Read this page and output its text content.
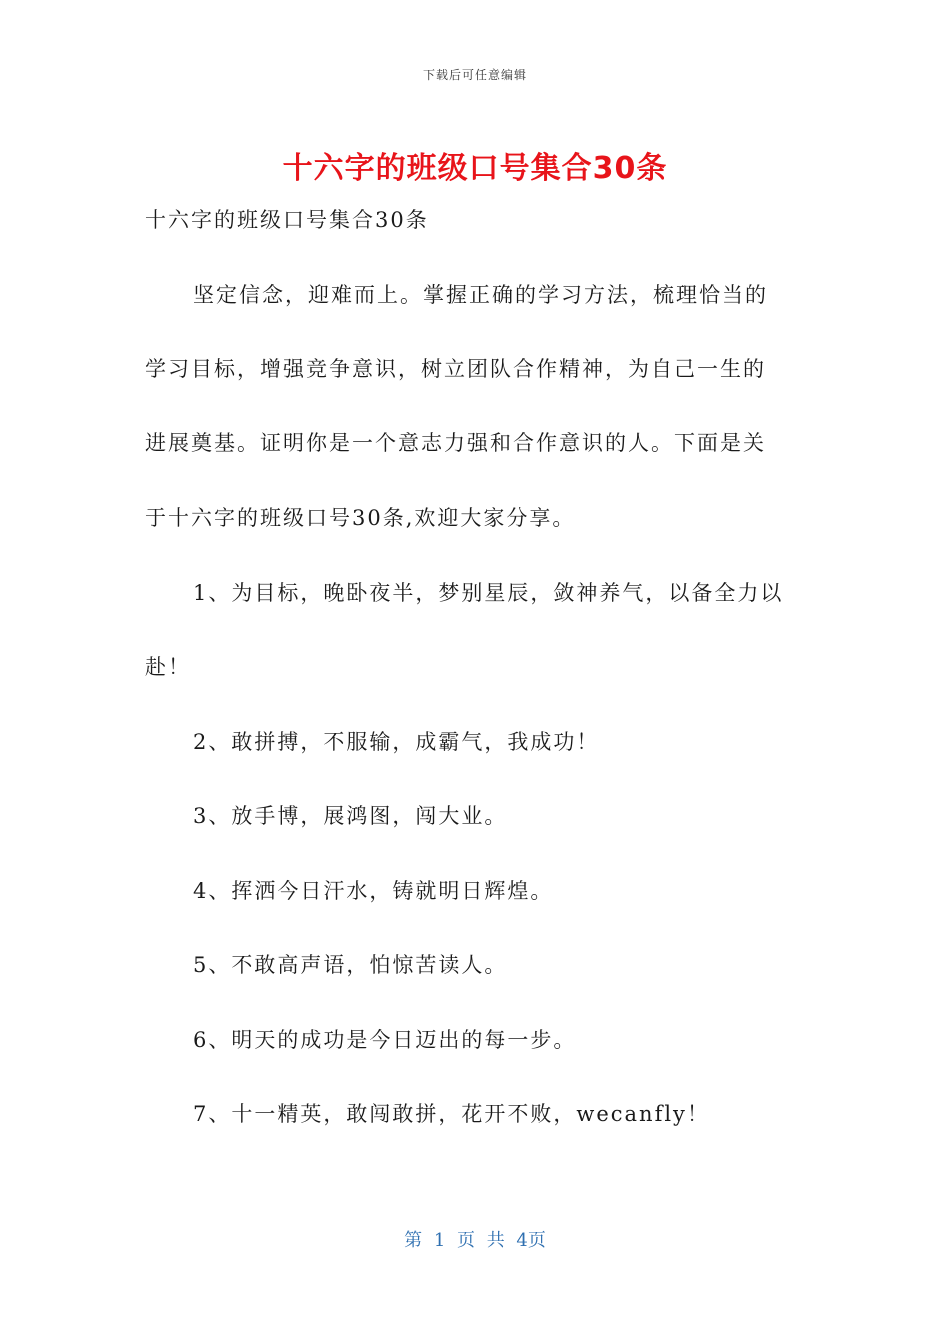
下载后可任意编辑
十六字的班级口号集合30条
十六字的班级口号集合30条
坚定信念，迎难而上。掌握正确的学习方法，梳理恰当的
学习目标，增强竞争意识，树立团队合作精神，为自己一生的
进展奠基。证明你是一个意志力强和合作意识的人。下面是关
于十六字的班级口号30条,欢迎大家分享。
1、为目标，晚卧夜半，梦别星辰，敛神养气，以备全力以
赴！
2、敢拼搏，不服输，成霸气，我成功！
3、放手博，展鸿图，闯大业。
4、挥洒今日汗水，铸就明日辉煌。
5、不敢高声语，怕惊苦读人。
6、明天的成功是今日迈出的每一步。
7、十一精英，敢闯敢拼，花开不败，wecanfly！
第 1 页 共 4页
